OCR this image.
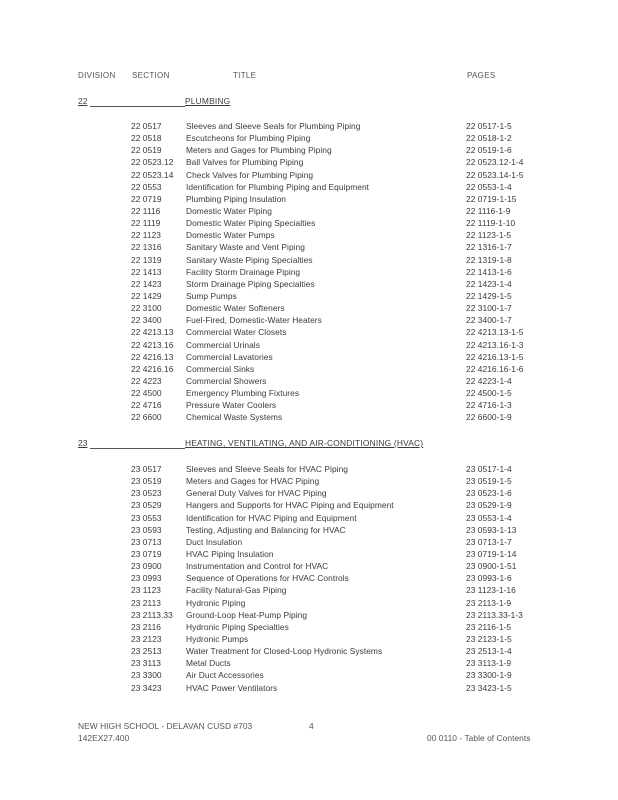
DIVISION SECTION	TITLE	PAGES
22	PLUMBING
22 0517	Sleeves and Sleeve Seals for Plumbing Piping	22 0517-1-5
22 0518	Escutcheons for Plumbing Piping	22 0518-1-2
22 0519	Meters and Gages for Plumbing Piping	22 0519-1-6
22 0523.12 Ball Valves for Plumbing Piping	22 0523.12-1-4
22 0523.14 Check Valves for Plumbing Piping	22 0523.14-1-5
22 0553	Identification for Plumbing Piping and Equipment	22 0553-1-4
22 0719	Plumbing Piping Insulation	22 0719-1-15
22 1116	Domestic Water Piping	22 1116-1-9
22 1119	Domestic Water Piping Specialties	22 1119-1-10
22 1123	Domestic Water Pumps	22 1123-1-5
22 1316	Sanitary Waste and Vent Piping	22 1316-1-7
22 1319	Sanitary Waste Piping Specialties	22 1319-1-8
22 1413	Facility Storm Drainage Piping	22 1413-1-6
22 1423	Storm Drainage Piping Specialties	22 1423-1-4
22 1429	Sump Pumps	22 1429-1-5
22 3100	Domestic Water Softeners	22 3100-1-7
22 3400	Fuel-Fired, Domestic-Water Heaters	22 3400-1-7
22 4213.13 Commercial Water Closets	22 4213.13-1-5
22 4213.16 Commercial Urinals	22 4213.16-1-3
22 4216.13 Commercial Lavatories	22 4216.13-1-5
22 4216.16 Commercial Sinks	22 4216.16-1-6
22 4223	Commercial Showers	22 4223-1-4
22 4500	Emergency Plumbing Fixtures	22 4500-1-5
22 4716	Pressure Water Coolers	22 4716-1-3
22 6600	Chemical Waste Systems	22 6600-1-9
23	HEATING, VENTILATING, AND AIR-CONDITIONING (HVAC)
23 0517	Sleeves and Sleeve Seals for HVAC Piping	23 0517-1-4
23 0519	Meters and Gages for HVAC Piping	23 0519-1-5
23 0523	General Duty Valves for HVAC Piping	23 0523-1-6
23 0529	Hangers and Supports for HVAC Piping and Equipment	23 0529-1-9
23 0553	Identification for HVAC Piping and Equipment	23 0553-1-4
23 0593	Testing, Adjusting and Balancing for HVAC	23 0593-1-13
23 0713	Duct Insulation	23 0713-1-7
23 0719	HVAC Piping Insulation	23 0719-1-14
23 0900	Instrumentation and Control for HVAC	23 0900-1-51
23 0993	Sequence of Operations for HVAC Controls	23 0993-1-6
23 1123	Facility Natural-Gas Piping	23 1123-1-16
23 2113	Hydronic Piping	23 2113-1-9
23 2113.33 Ground-Loop Heat-Pump Piping	23 2113.33-1-3
23 2116	Hydronic Piping Specialties	23 2116-1-5
23 2123	Hydronic Pumps	23 2123-1-5
23 2513	Water Treatment for Closed-Loop Hydronic Systems	23 2513-1-4
23 3113	Metal Ducts	23 3113-1-9
23 3300	Air Duct Accessories	23 3300-1-9
23 3423	HVAC Power Ventilators	23 3423-1-5
NEW HIGH SCHOOL - DELAVAN CUSD #703	4
142EX27.400	00 0110 - Table of Contents
